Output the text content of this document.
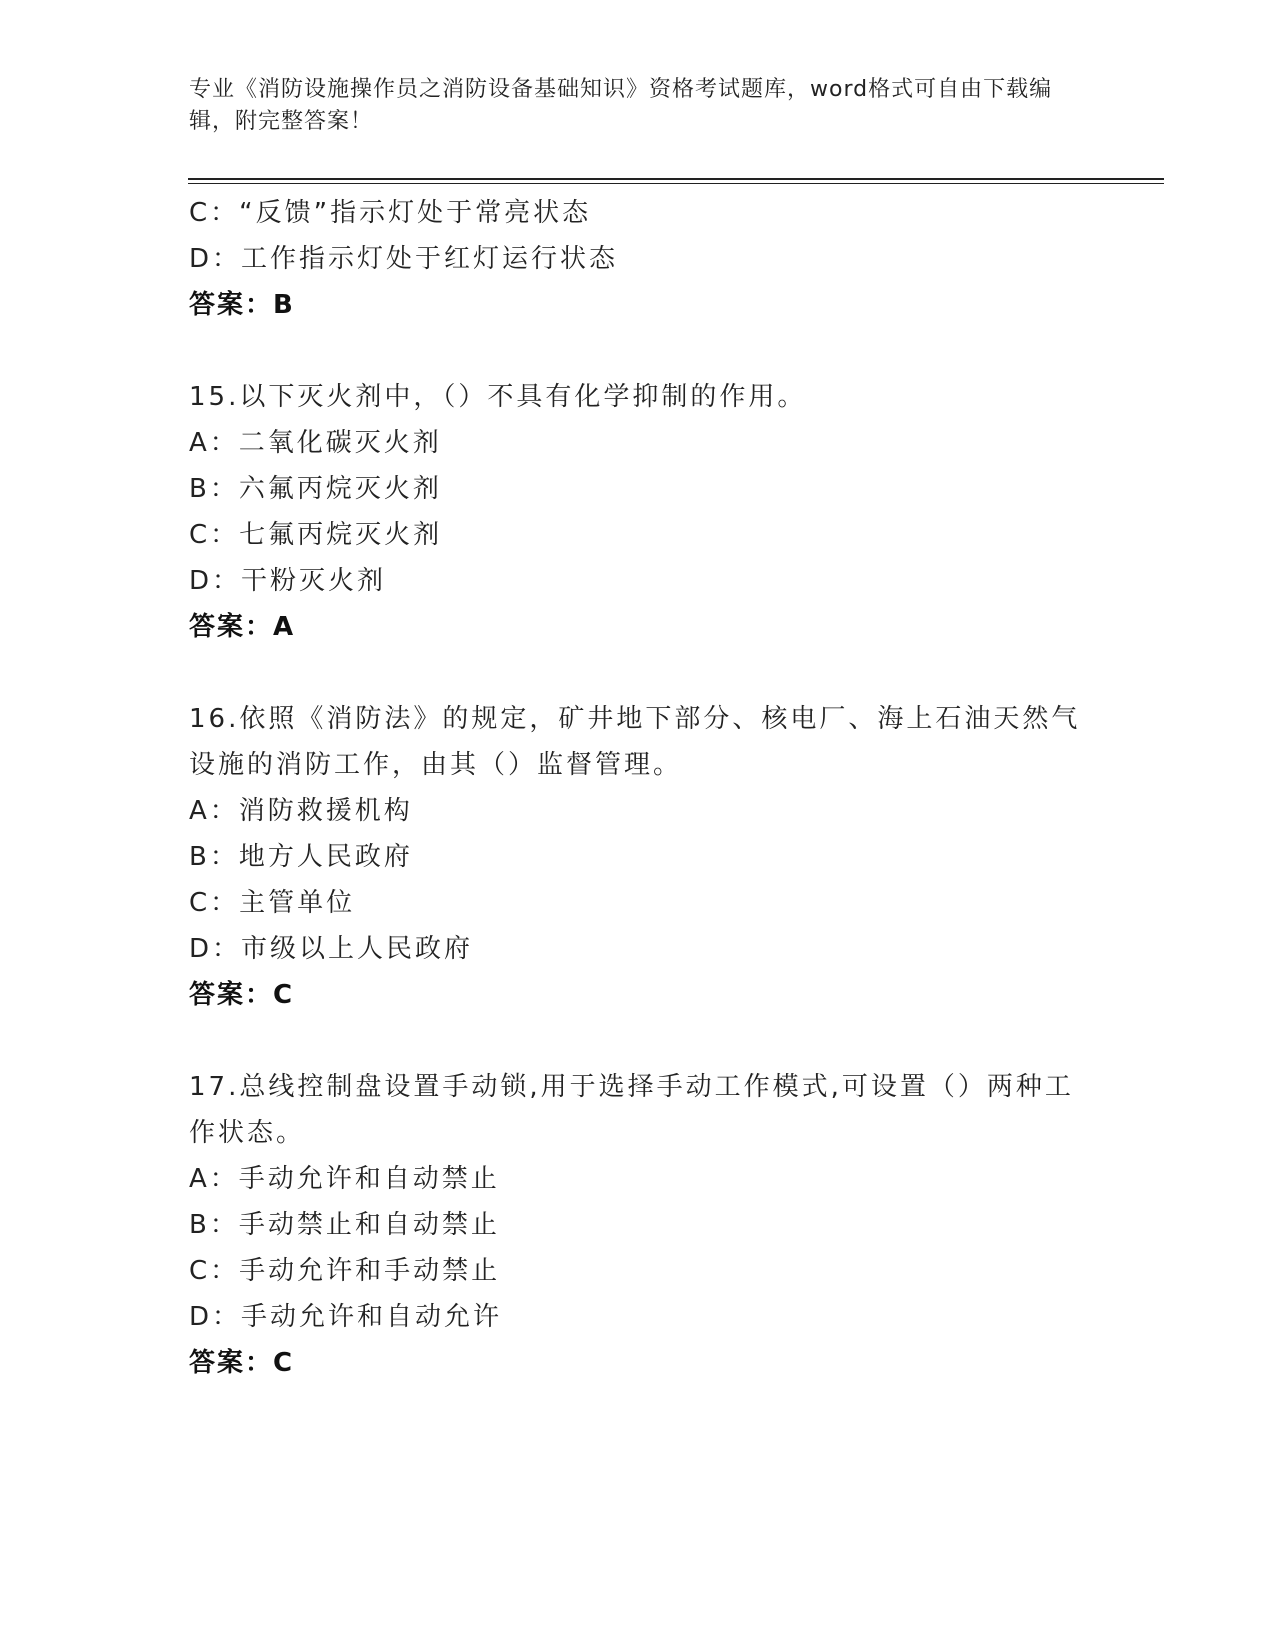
专业《消防设施操作员之消防设备基础知识》资格考试题库，word格式可自由下载编辑，附完整答案！
C：“反馈”指示灯处于常亮状态
D：工作指示灯处于红灯运行状态
答案：B
15.以下灭火剂中，（）不具有化学抑制的作用。
A：二氧化碳灭火剂
B：六氟丙烷灭火剂
C：七氟丙烷灭火剂
D：干粉灭火剂
答案：A
16.依照《消防法》的规定，矿井地下部分、核电厂、海上石油天然气
设施的消防工作，由其（）监督管理。
A：消防救援机构
B：地方人民政府
C：主管单位
D：市级以上人民政府
答案：C
17.总线控制盘设置手动锁,用于选择手动工作模式,可设置（）两种工
作状态。
A：手动允许和自动禁止
B：手动禁止和自动禁止
C：手动允许和手动禁止
D：手动允许和自动允许
答案：C
